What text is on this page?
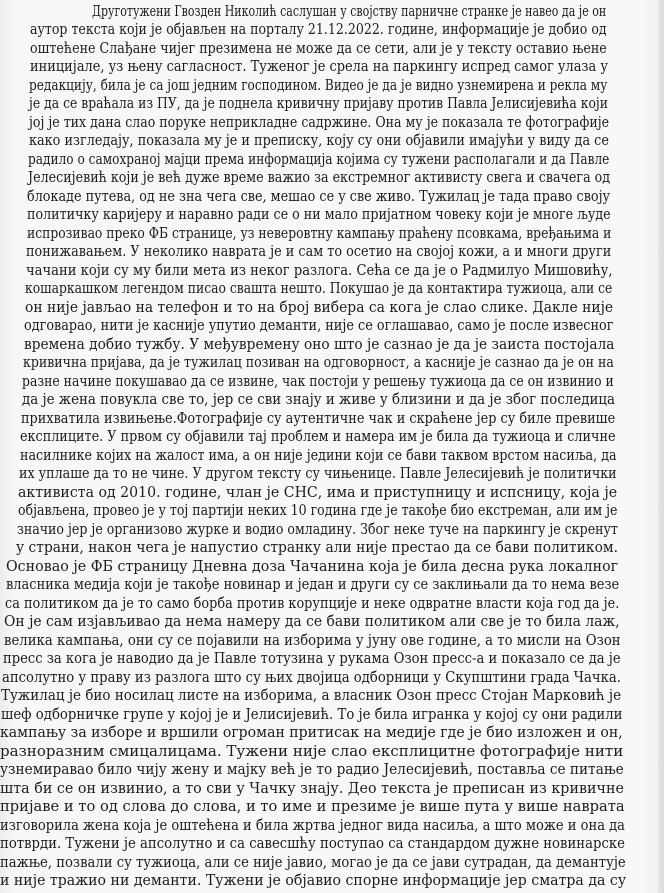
Друготужени Гвозден Николић саслушан у својству парничне странке је навео да је он
аутор текста који је објављен на порталу 21.12.2022. године, информације је добио од
оштећене Слађане чијег презимена не може да се сети, али је у тексту оставио њене
иницијале, уз њену сагласност. Туженог је срела на паркингу испред самог улаза у
редакцију, била је са још једним господином. Видео је да је видно узнемирена и рекла му
је да се враћала из ПУ, да је поднела кривичну пријаву против Павла Јелисијевића који
јој је тих дана слао поруке неприкладне садржине. Она му је показала те фотографије
како изгледају, показала му је и преписку, коју су они објавили имајући у виду да се
радило о самохраној мајци према информација којима су тужени располагали и да Павле
Јелесијевић који је већ дуже време важио за екстремног активисту свега и свачега од
блокаде путева, од не зна чега све, мешао се у све живо. Тужилац је тада право своју
политичку каријеру и наравно ради се о ни мало пријатном човеку који је многе људе
испрозивао преко ФБ странице, уз неверовтну кампању праћену псовкама, вређањима и
понижавањем. У неколико наврата је и сам то осетио на својој кожи, а и многи други
чачани који су му били мета из неког разлога. Сећа се да је о Радмилуо Мишовићу,
кошаркашком легендом писао свашта нешто. Покушао је да контактира тужиоца, али се
он није јављао на телефон и то на број вибера са кога је слао слике. Дакле није
одговарао, нити је касније упутио деманти, није се оглашавао, само је после извесног
времена добио тужбу. У међувремену оно што је сазнао је да је заиста постојала
кривична пријава, да је тужилац позиван на одговорност, а касније је сазнао да је он на
разне начине покушавао да се извине, чак постоји у решењу тужиоца да се он извинио и
да је жена повукла све то, јер се сви знају и живе у близини и да је због последица
прихватила извињење.Фотографије су аутентичне чак и скраћене јер су биле превише
експлиците. У првом су објавили тај проблем и намера им је била да тужиоца и сличне
насилнике којих на жалост има, а он није једини који се бави таквом врстом насиља, да
их уплаше да то не чине. У другом тексту су чињенице. Павле Јелесијевић је политички
активиста од 2010. године, члан је СНС, има и приступницу и испсницу, која је
објављена, провео је у тој партији неких 10 година где је такође био екстреман, али им је
значио јер је организово журке и водио омладину. Због неке туче на паркингу је скренут
у страни, након чега је напустио странку али није престао да се бави политиком.
Основао је ФБ страницу Дневна доза Чачанина која је била десна рука локалног
власника медија који је такође новинар и један и други су се заклињали да то нема везе
са политиком да је то само борба против корупције и неке одвратне власти која год да је.
Он је сам изјављивао да нема намеру да се бави политиком али све је то била лаж,
велика кампања, они су се појавили на изборима у јуну ове године, а то мисли на Озон
пресс за кога је наводио да је Павле тотузина у рукама Озон пресс-а и показало се да је
апсолутно у праву из разлога што су њих двојица одборници у Скупштини града Чачка.
Тужилац је био носилац листе на изборима, а власник Озон пресс Стојан Марковић је
шеф одборничке групе у којој је и Јелисијевић. То је била игранка у којој су они радили
кампању за изборе и вршили огроман притисак на медије где је био изложен и он,
разноразним смицалицама. Тужени није слао експлицитне фотографије нити
узнемиравао било чију жену и мајку већ је то радио Јелесијевић, поставља се питање
шта би се он извинио, а то сви у Чачку знају. Део текста је преписан из кривичне
пријаве и то од слова до слова, и то име и презиме је више пута у више наврата
изговорила жена која је оштећена и била жртва једног вида насиља, а што може и она да
потврди. Тужени је апсолутно и са савесшћу поступао са стандардом дужне новинарске
пажње, позвали су тужиоца, али се није јавио, могао је да се јави сутрадан, да демантује
и није тражио ни деманти. Тужени је објавио спорне информације јер сматра да су
